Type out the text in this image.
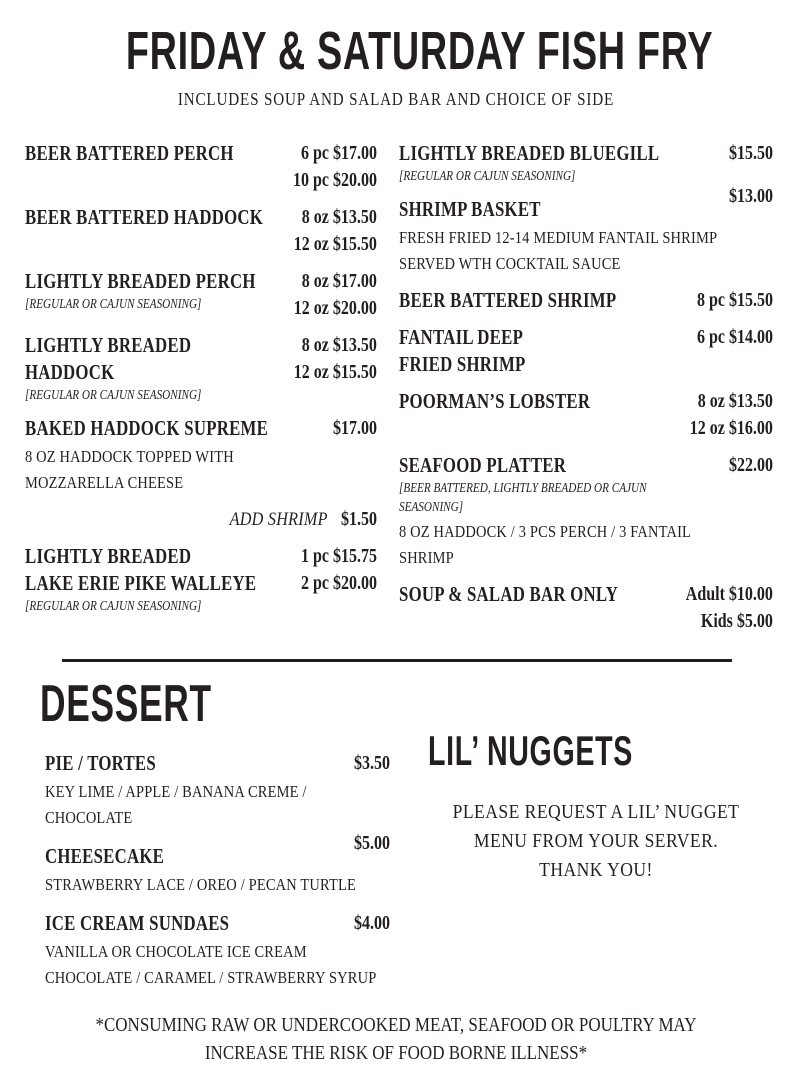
FRIDAY & SATURDAY FISH FRY
INCLUDES SOUP AND SALAD BAR AND CHOICE OF SIDE
BEER BATTERED PERCH	6 pc $17.00
10 pc $20.00
BEER BATTERED HADDOCK	8 oz $13.50
12 oz $15.50
LIGHTLY BREADED PERCH
[REGULAR OR CAJUN SEASONING]
8 oz $17.00
12 oz $20.00
LIGHTLY BREADED
HADDOCK
[REGULAR OR CAJUN SEASONING]
8 oz $13.50
12 oz $15.50
BAKED HADDOCK SUPREME
8 OZ HADDOCK TOPPED WITH
MOZZARELLA CHEESE
$17.00
ADD SHRIMP $1.50
LIGHTLY BREADED
LAKE ERIE PIKE WALLEYE
[REGULAR OR CAJUN SEASONING]
1 pc $15.75
2 pc $20.00
LIGHTLY BREADED BLUEGILL
[REGULAR OR CAJUN SEASONING]
$15.50
SHRIMP BASKET
FRESH FRIED 12-14 MEDIUM FANTAIL SHRIMP
SERVED WTH COCKTAIL SAUCE
$13.00
BEER BATTERED SHRIMP	8 pc $15.50
FANTAIL DEEP
FRIED SHRIMP
6 pc $14.00
POORMAN’S LOBSTER	8 oz $13.50
12 oz $16.00
SEAFOOD PLATTER
[BEER BATTERED, LIGHTLY BREADED OR CAJUN SEASONING]
8 OZ HADDOCK / 3 PCS PERCH / 3 FANTAIL
SHRIMP
$22.00
SOUP & SALAD BAR ONLY	Adult $10.00
Kids $5.00
DESSERT
PIE / TORTES
KEY LIME / APPLE / BANANA CREME /
CHOCOLATE
$3.50
CHEESECAKE
STRAWBERRY LACE / OREO / PECAN TURTLE
$5.00
ICE CREAM SUNDAES
VANILLA OR CHOCOLATE ICE CREAM
CHOCOLATE / CARAMEL / STRAWBERRY SYRUP
$4.00
LIL’ NUGGETS
PLEASE REQUEST A LIL’ NUGGET
MENU FROM YOUR SERVER.
THANK YOU!
*CONSUMING RAW OR UNDERCOOKED MEAT, SEAFOOD OR POULTRY MAY
INCREASE THE RISK OF FOOD BORNE ILLNESS*
